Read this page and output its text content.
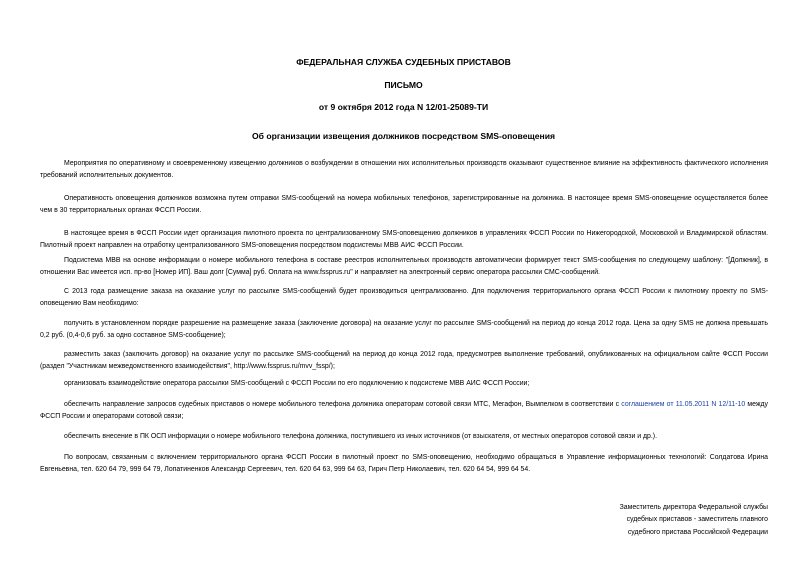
ФЕДЕРАЛЬНАЯ СЛУЖБА СУДЕБНЫХ ПРИСТАВОВ
ПИСЬМО
от 9 октября 2012 года N 12/01-25089-ТИ
Об организации извещения должников посредством SMS-оповещения

Мероприятия по оперативному и своевременному извещению должников о возбуждении в отношении них исполнительных производств оказывают существенное влияние на эффективность фактического исполнения требований исполнительных документов.

Оперативность оповещения должников возможна путем отправки SMS-сообщений на номера мобильных телефонов, зарегистрированные на должника. В настоящее время SMS-оповещение осуществляется более чем в 30 территориальных органах ФССП России.

В настоящее время в ФССП России идет организация пилотного проекта по централизованному SMS-оповещению должников в управлениях ФССП России по Нижегородской, Московской и Владимирской областям. Пилотный проект направлен на отработку централизованного SMS-оповещения посредством подсистемы МВВ АИС ФССП России.

Подсистема МВВ на основе информации о номере мобильного телефона в составе реестров исполнительных производств автоматически формирует текст SMS-сообщения по следующему шаблону: "[Должник], в отношении Вас имеется исп. пр-во [Номер ИП]. Ваш долг [Сумма] руб. Оплата на www.fssprus.ru" и направляет на электронный сервис оператора рассылки СМС-сообщений.

С 2013 года размещение заказа на оказание услуг по рассылке SMS-сообщений будет производиться централизованно. Для подключения территориального органа ФССП России к пилотному проекту по SMS-оповещению Вам необходимо:

получить в установленном порядке разрешение на размещение заказа (заключение договора) на оказание услуг по рассылке SMS-сообщений на период до конца 2012 года. Цена за одну SMS не должна превышать 0,2 руб. (0,4-0,6 руб. за одно составное SMS-сообщение);

разместить заказ (заключить договор) на оказание услуг по рассылке SMS-сообщений на период до конца 2012 года, предусмотрев выполнение требований, опубликованных на официальном сайте ФССП России (раздел "Участникам межведомственного взаимодействия", http://www.fssprus.ru/mvv_fssp/);

организовать взаимодействие оператора рассылки SMS-сообщений с ФССП России по его подключению к подсистеме МВВ АИС ФССП России;

обеспечить направление запросов судебных приставов о номере мобильного телефона должника операторам сотовой связи МТС, Мегафон, Вымпелком в соответствии с соглашением от 11.05.2011 N 12/11-10 между ФССП России и операторами сотовой связи;

обеспечить внесение в ПК ОСП информации о номере мобильного телефона должника, поступившего из иных источников (от взыскателя, от местных операторов сотовой связи и др.).

По вопросам, связанным с включением территориального органа ФССП России в пилотный проект по SMS-оповещению, необходимо обращаться в Управление информационных технологий: Солдатова Ирина Евгеньевна, тел. 620 64 79, 999 64 79, Лопатиненков Александр Сергеевич, тел. 620 64 63, 999 64 63, Гирич Петр Николаевич, тел. 620 64 54, 999 64 54.

Заместитель директора Федеральной службы
судебных приставов - заместитель главного
судебного пристава Российской Федерации
